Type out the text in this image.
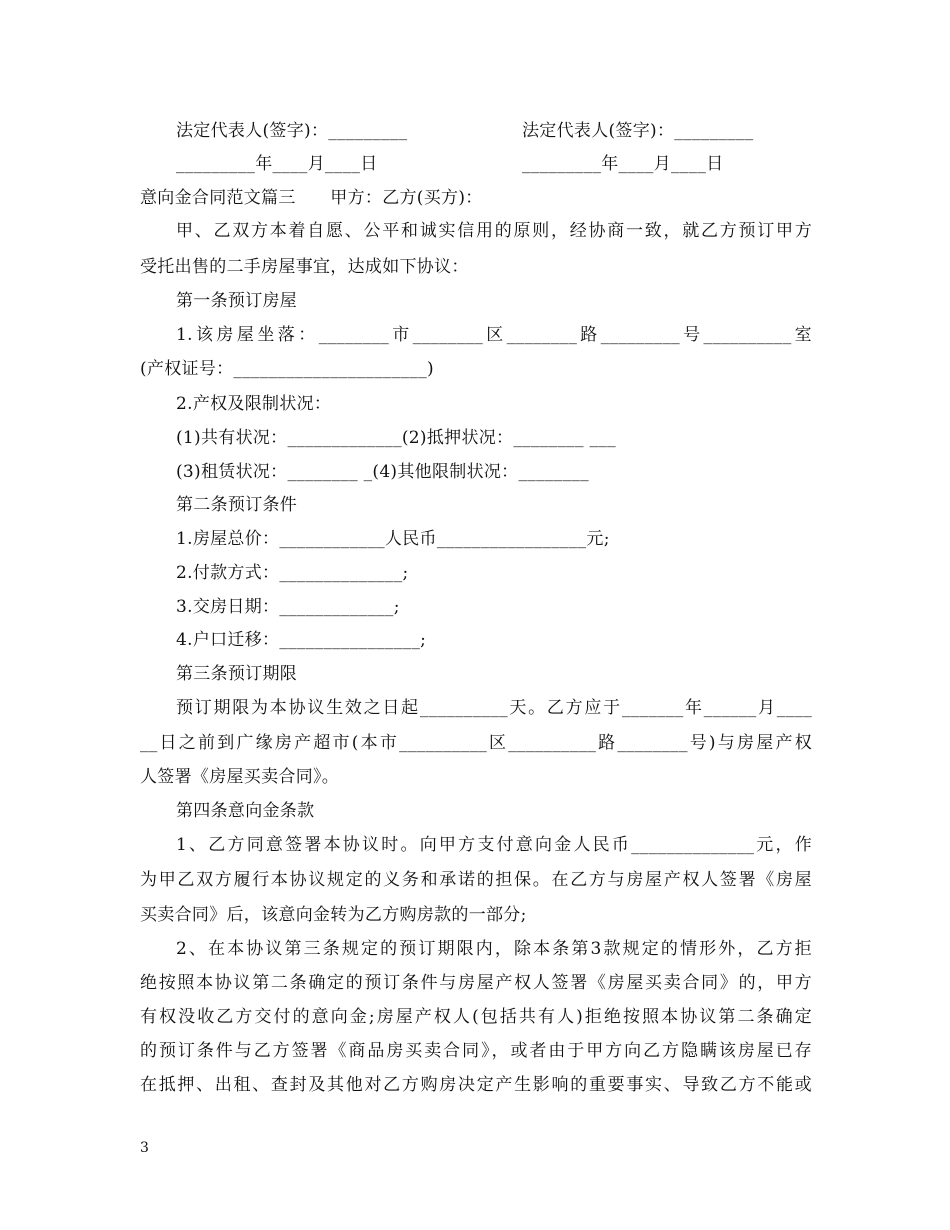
法定代表人(签字)：_________	法定代表人(签字)：_________
_________年____月____日	_________年____月____日
意向金合同范文篇三　　甲方：乙方(买方)：
甲、乙双方本着自愿、公平和诚实信用的原则，经协商一致，就乙方预订甲方
受托出售的二手房屋事宜，达成如下协议：
第一条预订房屋
1.该房屋坐落：________市________区________路_________号__________室
(产权证号：______________________)
2.产权及限制状况：
(1)共有状况：_____________(2)抵押状况：________ ___
(3)租赁状况：________ _(4)其他限制状况：________
第二条预订条件
1.房屋总价：____________人民币_________________元;
2.付款方式：______________;
3.交房日期：_____________;
4.户口迁移：________________;
第三条预订期限
预订期限为本协议生效之日起__________天。乙方应于_______年______月____
__日之前到广缘房产超市(本市__________区__________路________号)与房屋产权
人签署《房屋买卖合同》。
第四条意向金条款
1、乙方同意签署本协议时。向甲方支付意向金人民币______________元，作
为甲乙双方履行本协议规定的义务和承诺的担保。在乙方与房屋产权人签署《房屋
买卖合同》后，该意向金转为乙方购房款的一部分;
2、在本协议第三条规定的预订期限内，除本条第3款规定的情形外，乙方拒
绝按照本协议第二条确定的预订条件与房屋产权人签署《房屋买卖合同》的，甲方
有权没收乙方交付的意向金;房屋产权人(包括共有人)拒绝按照本协议第二条确定
的预订条件与乙方签署《商品房买卖合同》，或者由于甲方向乙方隐瞒该房屋已存
在抵押、出租、查封及其他对乙方购房决定产生影响的重要事实、导致乙方不能或
3
